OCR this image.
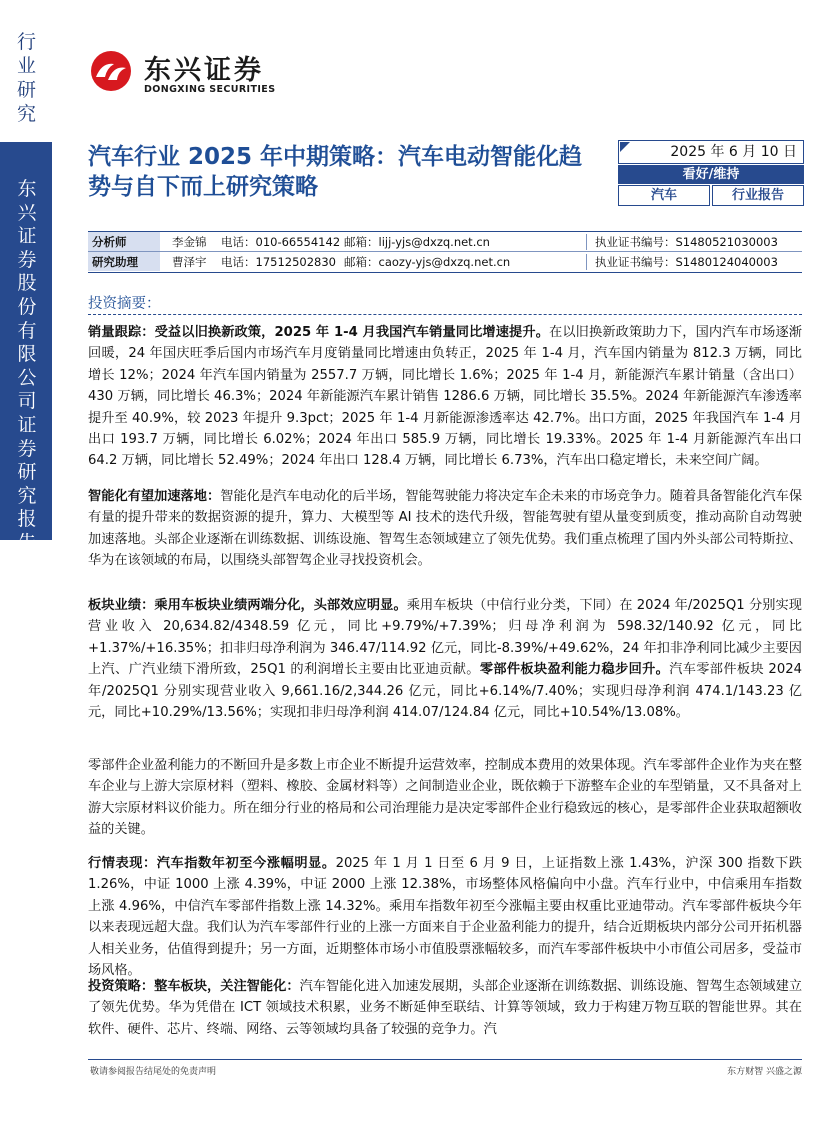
行
业
研
究
东
兴
证
券
股
份
有
限
公
司
证
券
研
究
报
告
东兴证券
DONGXING SECURITIES
汽车行业 2025 年中期策略：汽车电动智能化趋势与自下而上研究策略
2025 年 6 月 10 日
看好/维持
汽车	行业报告
分析师	李金锦 电话：010-66554142 邮箱：lijj-yjs@dxzq.net.cn	执业证书编号：S1480521030003
研究助理	曹泽宇 电话：17512502830 邮箱：caozy-yjs@dxzq.net.cn	执业证书编号：S1480124040003
投资摘要：
销量跟踪：受益以旧换新政策，2025 年 1-4 月我国汽车销量同比增速提升。在以旧换新政策助力下，国内汽车市场逐渐回暖，24 年国庆旺季后国内市场汽车月度销量同比增速由负转正，2025 年 1-4 月，汽车国内销量为 812.3 万辆，同比增长 12%；2024 年汽车国内销量为 2557.7 万辆，同比增长 1.6%；2025 年 1-4 月，新能源汽车累计销量（含出口）430 万辆，同比增长 46.3%；2024 年新能源汽车累计销售 1286.6 万辆，同比增长 35.5%。2024 年新能源汽车渗透率提升至 40.9%，较 2023 年提升 9.3pct；2025 年 1-4 月新能源渗透率达 42.7%。出口方面，2025 年我国汽车 1-4 月出口 193.7 万辆，同比增长 6.02%；2024 年出口 585.9 万辆，同比增长 19.33%。2025 年 1-4 月新能源汽车出口 64.2 万辆，同比增长 52.49%；2024 年出口 128.4 万辆，同比增长 6.73%，汽车出口稳定增长，未来空间广阔。
智能化有望加速落地：智能化是汽车电动化的后半场，智能驾驶能力将决定车企未来的市场竞争力。随着具备智能化汽车保有量的提升带来的数据资源的提升，算力、大模型等 AI 技术的迭代升级，智能驾驶有望从量变到质变，推动高阶自动驾驶加速落地。头部企业逐渐在训练数据、训练设施、智驾生态领域建立了领先优势。我们重点梳理了国内外头部公司特斯拉、华为在该领域的布局，以围绕头部智驾企业寻找投资机会。
板块业绩：乘用车板块业绩两端分化，头部效应明显。乘用车板块（中信行业分类，下同）在 2024 年/2025Q1 分别实现营业收入 20,634.82/4348.59 亿元，同比+9.79%/+7.39%；归母净利润为 598.32/140.92 亿元，同比+1.37%/+16.35%；扣非归母净利润为 346.47/114.92 亿元，同比-8.39%/+49.62%，24 年扣非净利同比减少主要因上汽、广汽业绩下滑所致，25Q1 的利润增长主要由比亚迪贡献。零部件板块盈利能力稳步回升。汽车零部件板块 2024 年/2025Q1 分别实现营业收入 9,661.16/2,344.26 亿元，同比+6.14%/7.40%；实现归母净利润 474.1/143.23 亿元，同比+10.29%/13.56%；实现扣非归母净利润 414.07/124.84 亿元，同比+10.54%/13.08%。
零部件企业盈利能力的不断回升是多数上市企业不断提升运营效率，控制成本费用的效果体现。汽车零部件企业作为夹在整车企业与上游大宗原材料（塑料、橡胶、金属材料等）之间制造业企业，既依赖于下游整车企业的车型销量，又不具备对上游大宗原材料议价能力。所在细分行业的格局和公司治理能力是决定零部件企业行稳致远的核心，是零部件企业获取超额收益的关键。
行情表现：汽车指数年初至今涨幅明显。2025 年 1 月 1 日至 6 月 9 日，上证指数上涨 1.43%，沪深 300 指数下跌 1.26%，中证 1000 上涨 4.39%，中证 2000 上涨 12.38%，市场整体风格偏向中小盘。汽车行业中，中信乘用车指数上涨 4.96%，中信汽车零部件指数上涨 14.32%。乘用车指数年初至今涨幅主要由权重比亚迪带动。汽车零部件板块今年以来表现远超大盘。我们认为汽车零部件行业的上涨一方面来自于企业盈利能力的提升，结合近期板块内部分公司开拓机器人相关业务，估值得到提升；另一方面，近期整体市场小市值股票涨幅较多，而汽车零部件板块中小市值公司居多，受益市场风格。
投资策略：整车板块，关注智能化：汽车智能化进入加速发展期，头部企业逐渐在训练数据、训练设施、智驾生态领域建立了领先优势。华为凭借在 ICT 领域技术积累，业务不断延伸至联结、计算等领域，致力于构建万物互联的智能世界。其在软件、硬件、芯片、终端、网络、云等领域均具备了较强的竞争力。汽
敬请参阅报告结尾处的免责声明	东方财智 兴盛之源
